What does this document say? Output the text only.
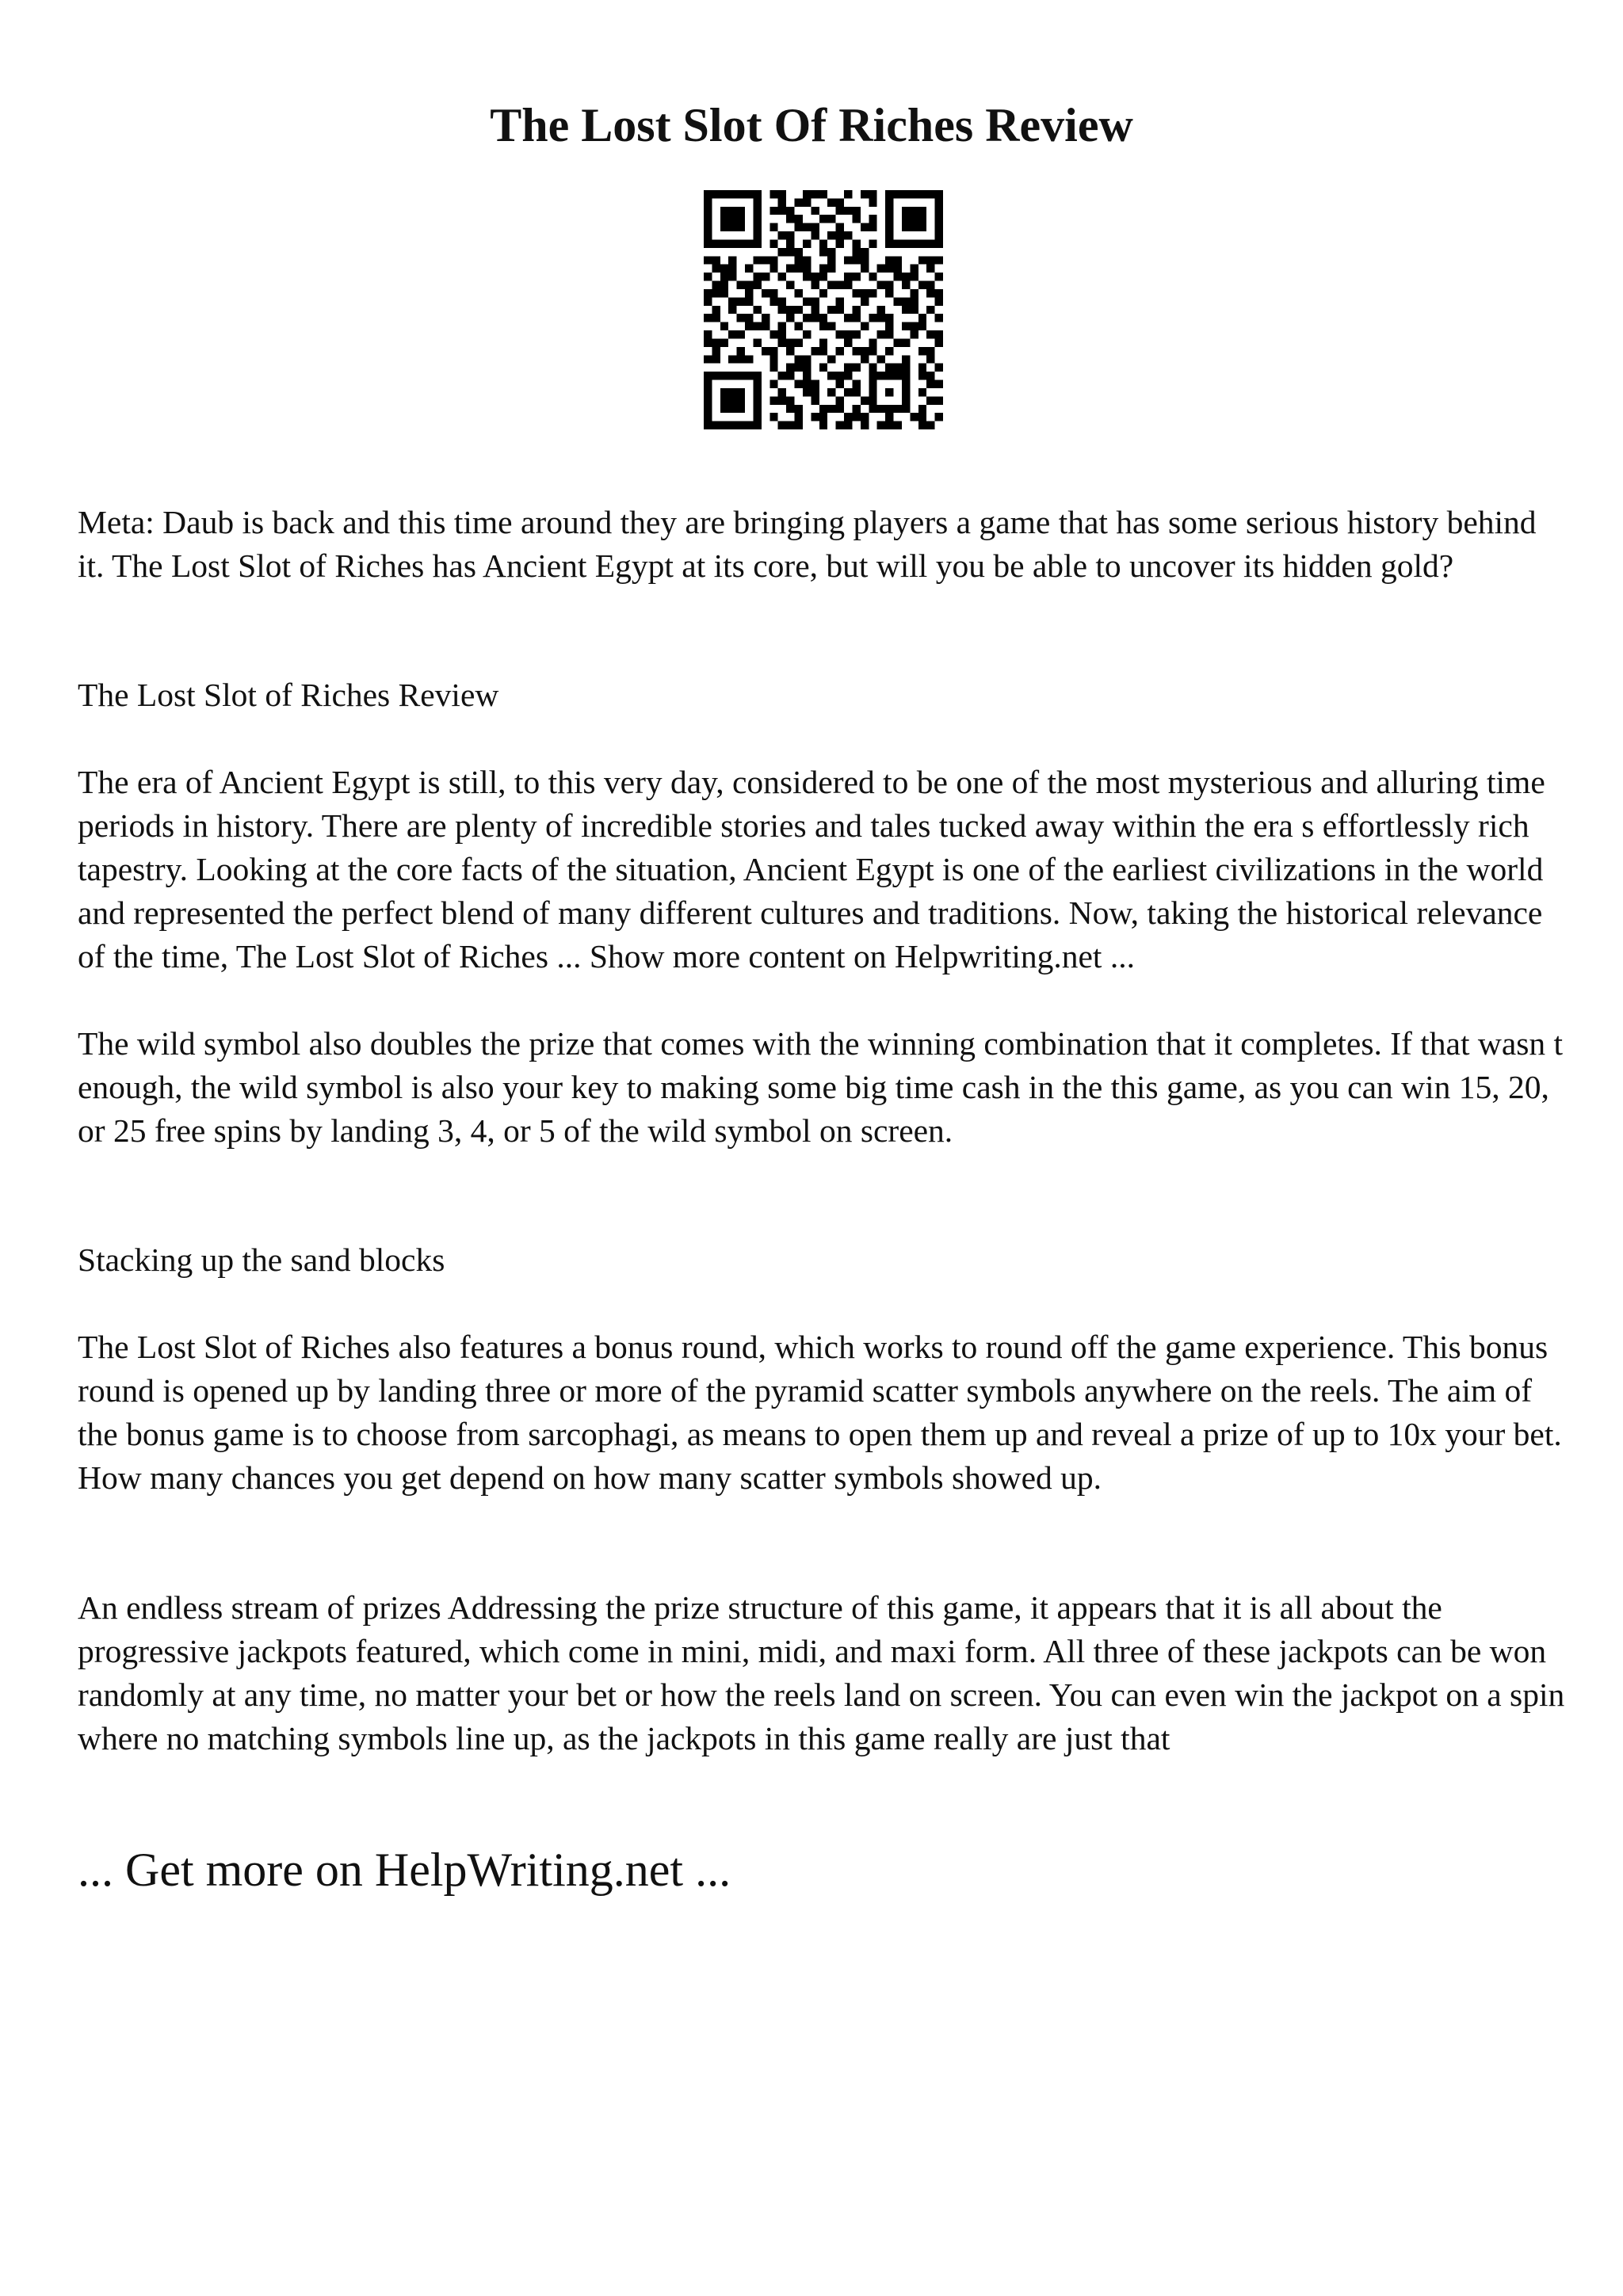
The Lost Slot Of Riches Review

Meta: Daub is back and this time around they are bringing players a game that has some serious history behind it. The Lost Slot of Riches has Ancient Egypt at its core, but will you be able to uncover its hidden gold?

The Lost Slot of Riches Review

The era of Ancient Egypt is still, to this very day, considered to be one of the most mysterious and alluring time periods in history. There are plenty of incredible stories and tales tucked away within the era s effortlessly rich tapestry. Looking at the core facts of the situation, Ancient Egypt is one of the earliest civilizations in the world and represented the perfect blend of many different cultures and traditions. Now, taking the historical relevance of the time, The Lost Slot of Riches ... Show more content on Helpwriting.net ...

The wild symbol also doubles the prize that comes with the winning combination that it completes. If that wasn t enough, the wild symbol is also your key to making some big time cash in the this game, as you can win 15, 20, or 25 free spins by landing 3, 4, or 5 of the wild symbol on screen.

Stacking up the sand blocks

The Lost Slot of Riches also features a bonus round, which works to round off the game experience. This bonus round is opened up by landing three or more of the pyramid scatter symbols anywhere on the reels. The aim of the bonus game is to choose from sarcophagi, as means to open them up and reveal a prize of up to 10x your bet. How many chances you get depend on how many scatter symbols showed up.

An endless stream of prizes Addressing the prize structure of this game, it appears that it is all about the progressive jackpots featured, which come in mini, midi, and maxi form. All three of these jackpots can be won randomly at any time, no matter your bet or how the reels land on screen. You can even win the jackpot on a spin where no matching symbols line up, as the jackpots in this game really are just that

... Get more on HelpWriting.net ...
